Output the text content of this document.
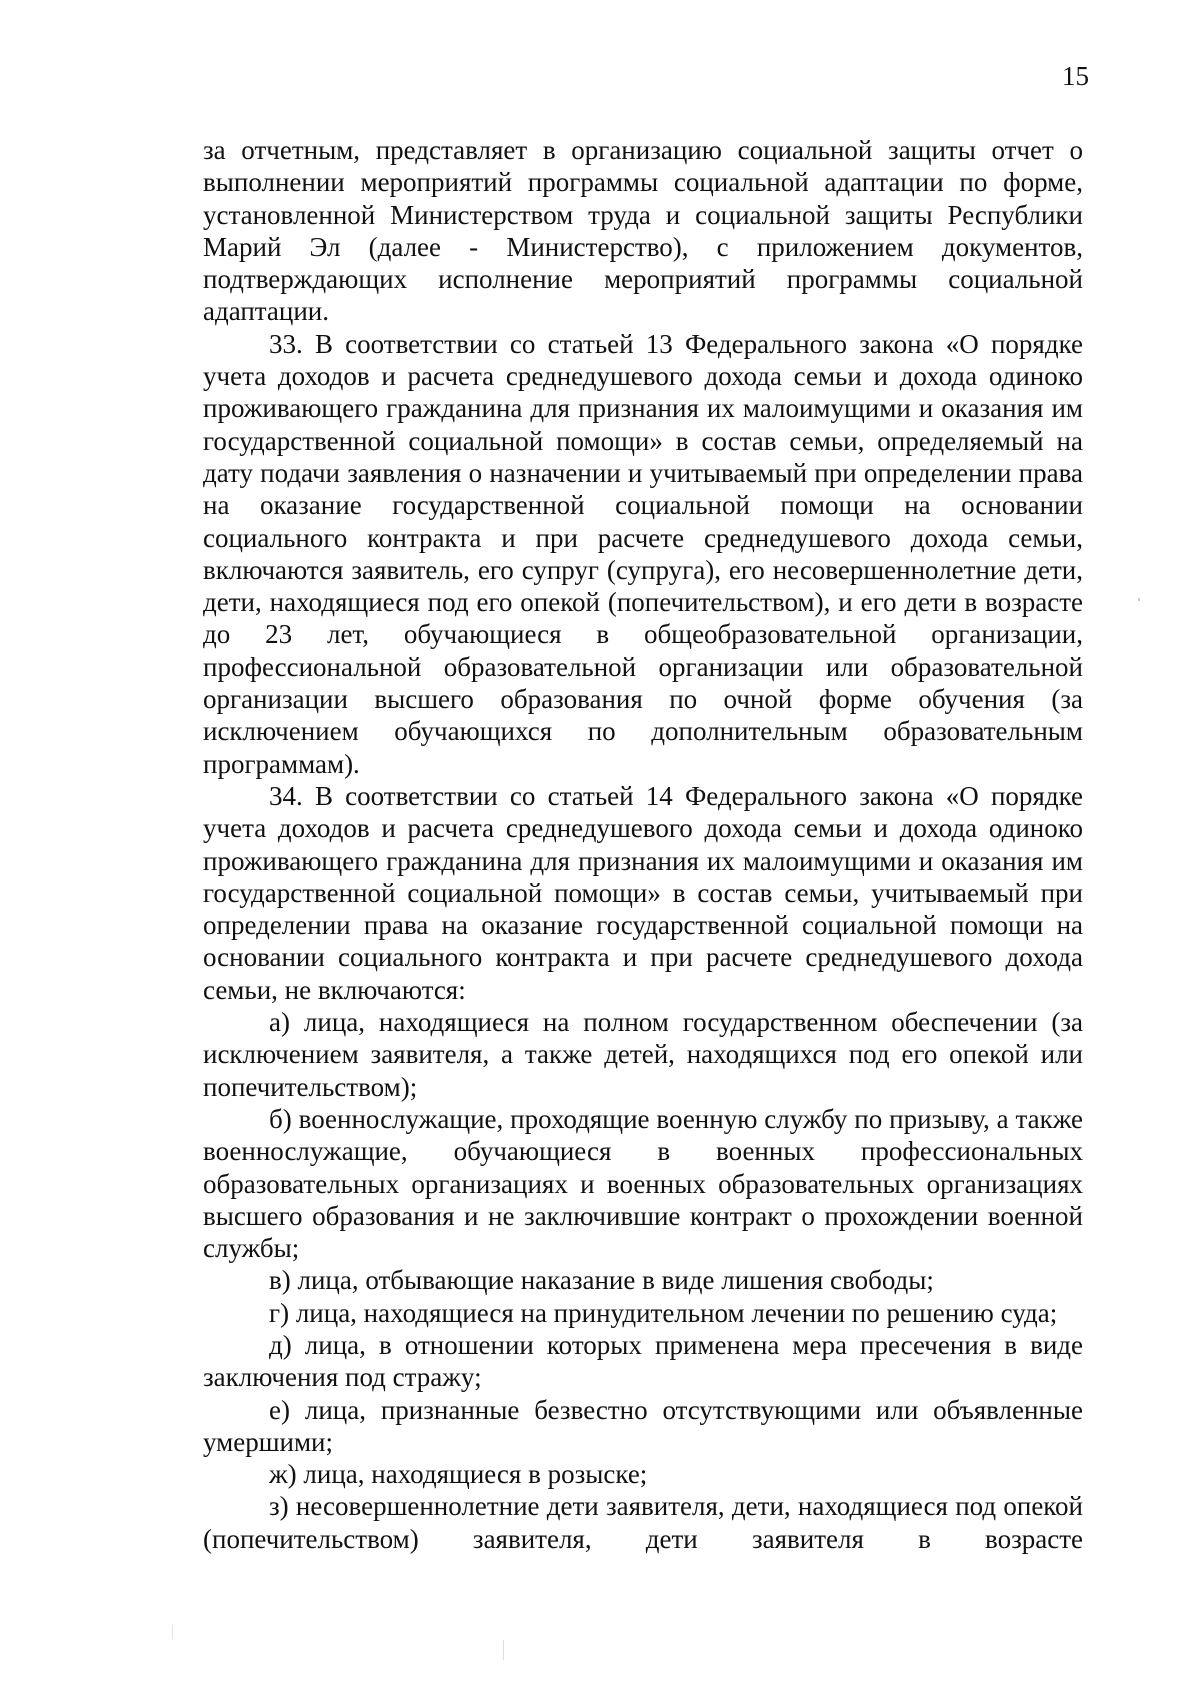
15

за отчетным, представляет в организацию социальной защиты отчет о выполнении мероприятий программы социальной адаптации по форме, установленной Министерством труда и социальной защиты Республики Марий Эл (далее - Министерство), с приложением документов, подтверждающих исполнение мероприятий программы социальной адаптации.

33. В соответствии со статьей 13 Федерального закона «О порядке учета доходов и расчета среднедушевого дохода семьи и дохода одиноко проживающего гражданина для признания их малоимущими и оказания им государственной социальной помощи» в состав семьи, определяемый на дату подачи заявления о назначении и учитываемый при определении права на оказание государственной социальной помощи на основании социального контракта и при расчете среднедушевого дохода семьи, включаются заявитель, его супруг (супруга), его несовершеннолетние дети, дети, находящиеся под его опекой (попечительством), и его дети в возрасте до 23 лет, обучающиеся в общеобразовательной организации, профессиональной образовательной организации или образовательной организации высшего образования по очной форме обучения (за исключением обучающихся по дополнительным образовательным программам).

34. В соответствии со статьей 14 Федерального закона «О порядке учета доходов и расчета среднедушевого дохода семьи и дохода одиноко проживающего гражданина для признания их малоимущими и оказания им государственной социальной помощи» в состав семьи, учитываемый при определении права на оказание государственной социальной помощи на основании социального контракта и при расчете среднедушевого дохода семьи, не включаются:

а) лица, находящиеся на полном государственном обеспечении (за исключением заявителя, а также детей, находящихся под его опекой или попечительством);

б) военнослужащие, проходящие военную службу по призыву, а также военнослужащие, обучающиеся в военных профессиональных образовательных организациях и военных образовательных организациях высшего образования и не заключившие контракт о прохождении военной службы;

в) лица, отбывающие наказание в виде лишения свободы;

г) лица, находящиеся на принудительном лечении по решению суда;

д) лица, в отношении которых применена мера пресечения в виде заключения под стражу;

е) лица, признанные безвестно отсутствующими или объявленные умершими;

ж) лица, находящиеся в розыске;

з) несовершеннолетние дети заявителя, дети, находящиеся под опекой (попечительством) заявителя, дети заявителя в возрасте
